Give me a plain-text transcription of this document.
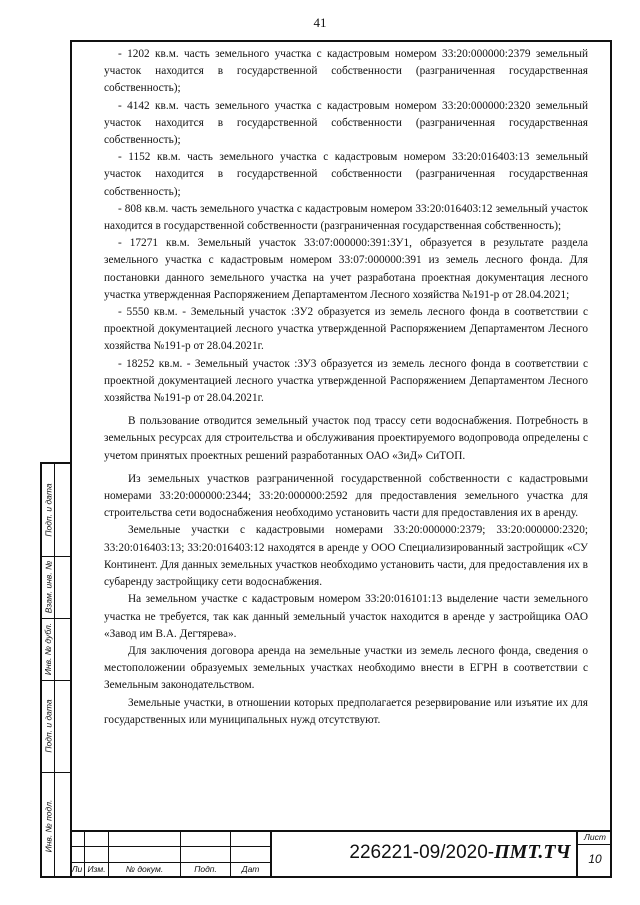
41

- 1202 кв.м. часть земельного участка с кадастровым номером 33:20:000000:2379 земельный участок находится в государственной собственности (разграниченная государственная собственность);

- 4142 кв.м. часть земельного участка с кадастровым номером 33:20:000000:2320 земельный участок находится в государственной собственности (разграниченная государственная собственность);

- 1152 кв.м. часть земельного участка с кадастровым номером 33:20:016403:13 земельный участок находится в государственной собственности (разграниченная государственная собственность);

- 808 кв.м. часть земельного участка с кадастровым номером 33:20:016403:12 земельный участок находится в государственной собственности (разграниченная государственная собственность);

- 17271 кв.м. Земельный участок 33:07:000000:391:ЗУ1, образуется в результате раздела земельного участка с кадастровым номером 33:07:000000:391 из земель лесного фонда. Для постановки данного земельного участка на учет разработана проектная документация лесного участка утвержденная Распоряжением Департаментом Лесного хозяйства №191-р от 28.04.2021;

- 5550 кв.м. - Земельный участок :ЗУ2 образуется из земель лесного фонда в соответствии с проектной документацией лесного участка утвержденной Распоряжением Департаментом Лесного хозяйства №191-р от 28.04.2021г.

- 18252 кв.м. - Земельный участок :ЗУ3 образуется из земель лесного фонда в соответствии с проектной документацией лесного участка утвержденной Распоряжением Департаментом Лесного хозяйства №191-р от 28.04.2021г.

В пользование отводится земельный участок под трассу сети водоснабжения. Потребность в земельных ресурсах для строительства и обслуживания проектируемого водопровода определены с учетом принятых проектных решений разработанных ОАО «ЗиД» СиТОП.

Из земельных участков разграниченной государственной собственности с кадастровыми номерами 33:20:000000:2344; 33:20:000000:2592 для предоставления земельного участка для строительства сети водоснабжения необходимо установить части для предоставления их в аренду.

Земельные участки с кадастровыми номерами 33:20:000000:2379; 33:20:000000:2320; 33:20:016403:13; 33:20:016403:12 находятся в аренде у ООО Специализированный застройщик «СУ Континент. Для данных земельных участков необходимо установить части, для предоставления их в субаренду застройщику сети водоснабжения.

На земельном участке с кадастровым номером 33:20:016101:13 выделение части земельного участка не требуется, так как данный земельный участок находится в аренде у застройщика ОАО «Завод им В.А. Дегтярева».

Для заключения договора аренда на земельные участки из земель лесного фонда, сведения о местоположении образуемых земельных участках необходимо внести в ЕГРН в соответствии с Земельным законодательством.

Земельные участки, в отношении которых предполагается резервирование или изъятие их для государственных или муниципальных нужд отсутствуют.

Подп. и дата
Взам. инв. №
Инв. № дубл.
Подп. и дата
Инв. № подл.
Ли Изм.	№ докум.	Подп.	Дат
226221-09/2020-ПМТ.ТЧ
Лист
10
